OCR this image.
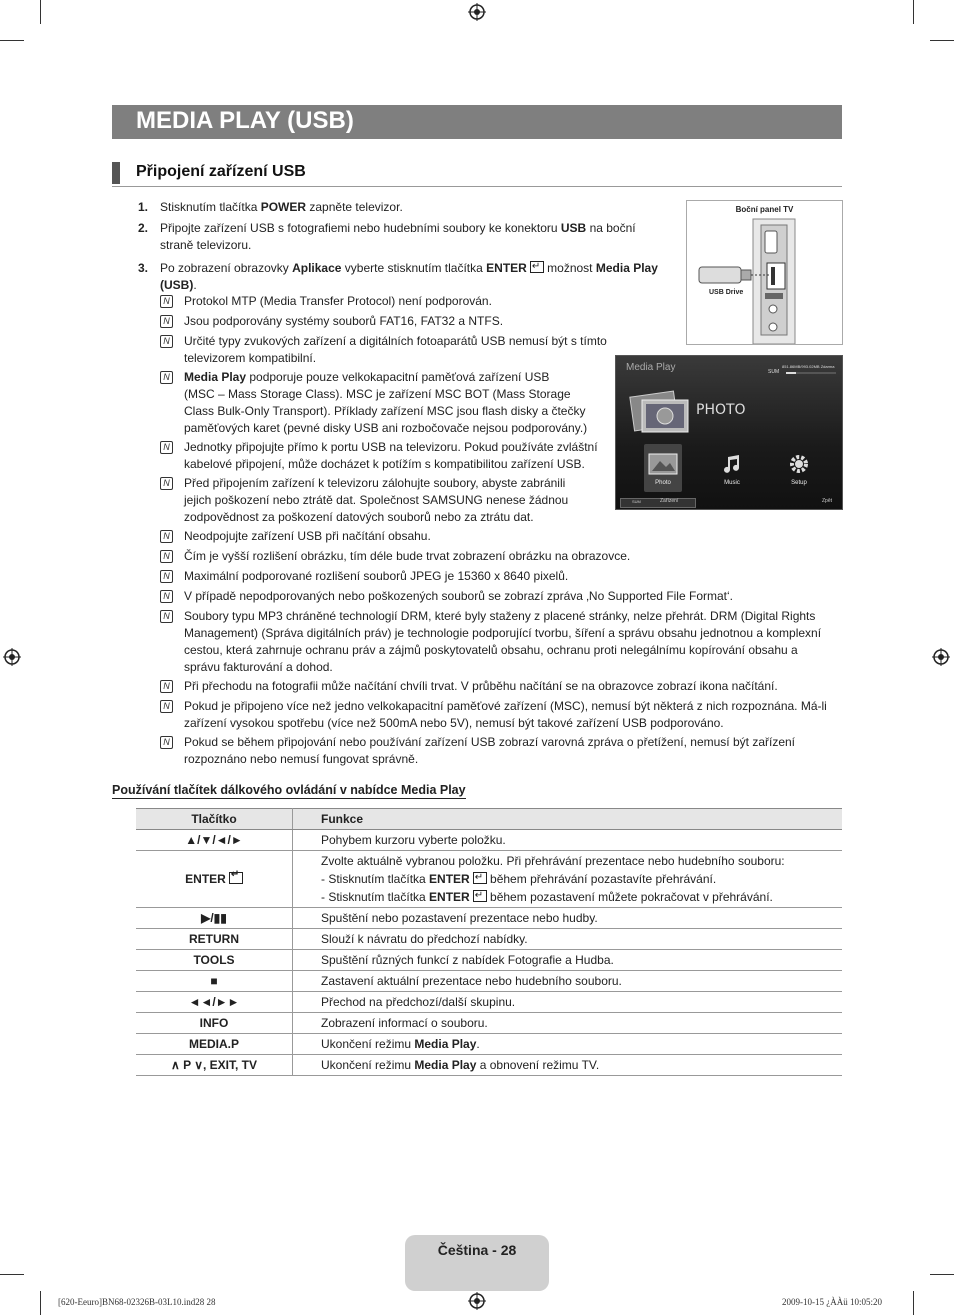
MEDIA PLAY (USB)
Připojení zařízení USB
1. Stisknutím tlačítka POWER zapněte televizor.
2. Připojte zařízení USB s fotografiemi nebo hudebními soubory ke konektoru USB na boční
straně televizoru.
3. Po zobrazení obrazovky Aplikace vyberte stisknutím tlačítka ENTER↵ možnost Media Play
(USB).
N Protokol MTP (Media Transfer Protocol) není podporován.
N Jsou podporovány systémy souborů FAT16, FAT32 a NTFS.
N Určité typy zvukových zařízení a digitálních fotoaparátů USB nemusí být s tímto
televizorem kompatibilní.
N Media Play podporuje pouze velkokapacitní paměťová zařízení USB
(MSC – Mass Storage Class). MSC je zařízení MSC BOT (Mass Storage
Class Bulk-Only Transport). Příklady zařízení MSC jsou flash disky a čtečky
paměťových karet (pevné disky USB ani rozbočovače nejsou podporovány.)
N Jednotky připojujte přímo k portu USB na televizoru. Pokud používáte zvláštní
kabelové připojení, může docházet k potížím s kompatibilitou zařízení USB.
N Před připojením zařízení k televizoru zálohujte soubory, abyste zabránili
jejich poškození nebo ztrátě dat. Společnost SAMSUNG nenese žádnou
zodpovědnost za poškození datových souborů nebo za ztrátu dat.
N Neodpojujte zařízení USB při načítání obsahu.
N Čím je vyšší rozlišení obrázku, tím déle bude trvat zobrazení obrázku na obrazovce.
N Maximální podporované rozlišení souborů JPEG je 15360 x 8640 pixelů.
N V případě nepodporovaných nebo poškozených souborů se zobrazí zpráva ‚No Supported File Format‘.
N Soubory typu MP3 chráněné technologií DRM, které byly staženy z placené stránky, nelze přehrát. DRM (Digital Rights
Management) (Správa digitálních práv) je technologie podporující tvorbu, šíření a správu obsahu jednotnou a komplexní
cestou, která zahrnuje ochranu práv a zájmů poskytovatelů obsahu, ochranu proti nelegálnímu kopírování obsahu a
správu fakturování a dohod.
N Při přechodu na fotografii může načítání chvíli trvat. V průběhu načítání se na obrazovce zobrazí ikona načítání.
N Pokud je připojeno více než jedno velkokapacitní paměťové zařízení (MSC), nemusí být některá z nich rozpoznána. Má-li
zařízení vysokou spotřebu (více než 500mA nebo 5V), nemusí být takové zařízení USB podporováno.
N Pokud se během připojování nebo používání zařízení USB zobrazí varovná zpráva o přetížení, nemusí být zařízení
rozpoznáno nebo nemusí fungovat správně.
Boční panel TV
USB Drive
Media Play	SUM
851.86MB/993.02MB Zdarma
PHOTO
Photo	Music	Setup
SUM	Zařízení	Zpět
Používání tlačítek dálkového ovládání v nabídce Media Play
Tlačítko	Funkce
▲/▼/◄/►	Pohybem kurzoru vyberte položku.
ENTER↵	Zvolte aktuálně vybranou položku. Při přehrávání prezentace nebo hudebního souboru:
- Stisknutím tlačítka ENTER↵ během přehrávání pozastavíte přehrávání.
- Stisknutím tlačítka ENTER↵ během pozastavení můžete pokračovat v přehrávání.

▶/▮▮	Spuštění nebo pozastavení prezentace nebo hudby.
RETURN	Slouží k návratu do předchozí nabídky.
TOOLS	Spuštění různých funkcí z nabídek Fotografie a Hudba.
■	Zastavení aktuální prezentace nebo hudebního souboru.
◄◄/►►	Přechod na předchozí/další skupinu.
INFO	Zobrazení informací o souboru.
MEDIA.P	Ukončení režimu Media Play.
∧ P ∨, EXIT, TV	Ukončení režimu Media Play a obnovení režimu TV.
Čeština - 28
[620-Eeuro]BN68-02326B-03L10.ind28 28	2009-10-15 ¿ÀÀü 10:05:20
